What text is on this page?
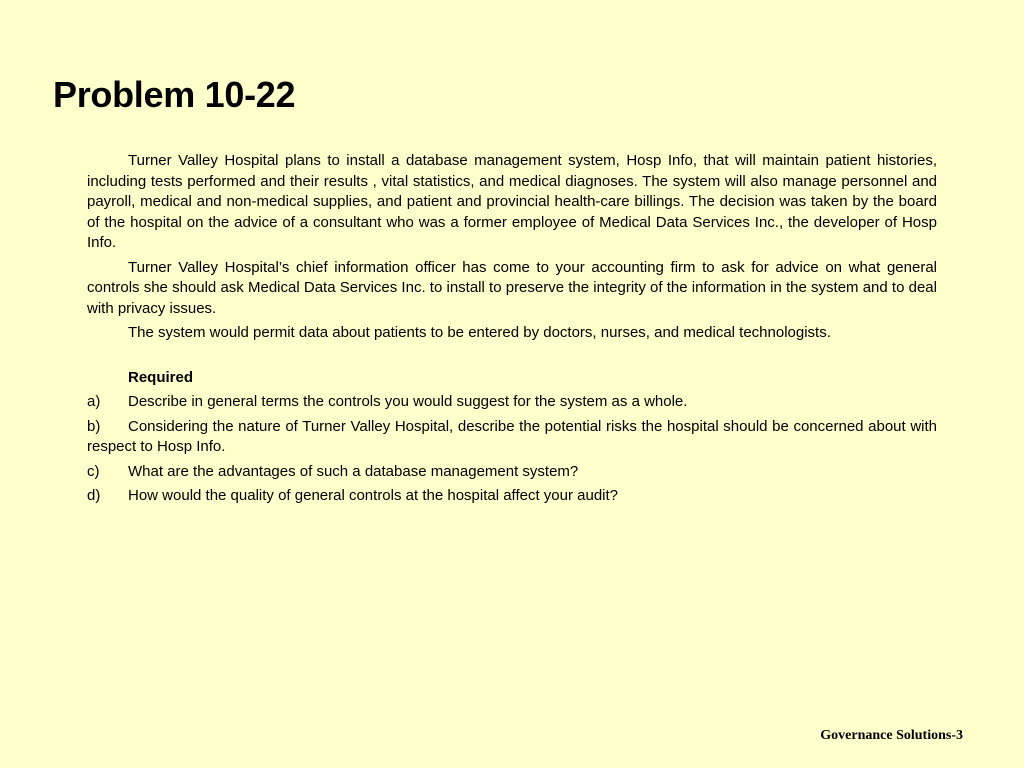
Problem 10-22

Turner Valley Hospital plans to install a database management system, Hosp Info, that will maintain patient histories, including tests performed and their results , vital statistics, and medical diagnoses. The system will also manage personnel and payroll, medical and non-medical supplies, and patient and provincial health-care billings. The decision was taken by the board of the hospital on the advice of a consultant who was a former employee of Medical Data Services Inc., the developer of Hosp Info.

Turner Valley Hospital’s chief information officer has come to your accounting firm to ask for advice on what general controls she should ask Medical Data Services Inc. to install to preserve the integrity of the information in the system and to deal with privacy issues.

The system would permit data about patients to be entered by doctors, nurses, and medical technologists.

Required

a) Describe in general terms the controls you would suggest for the system as a whole.

b) Considering the nature of Turner Valley Hospital, describe the potential risks the hospital should be concerned about with respect to Hosp Info.

c) What are the advantages of such a database management system?

d) How would the quality of general controls at the hospital affect your audit?

Governance Solutions-3
